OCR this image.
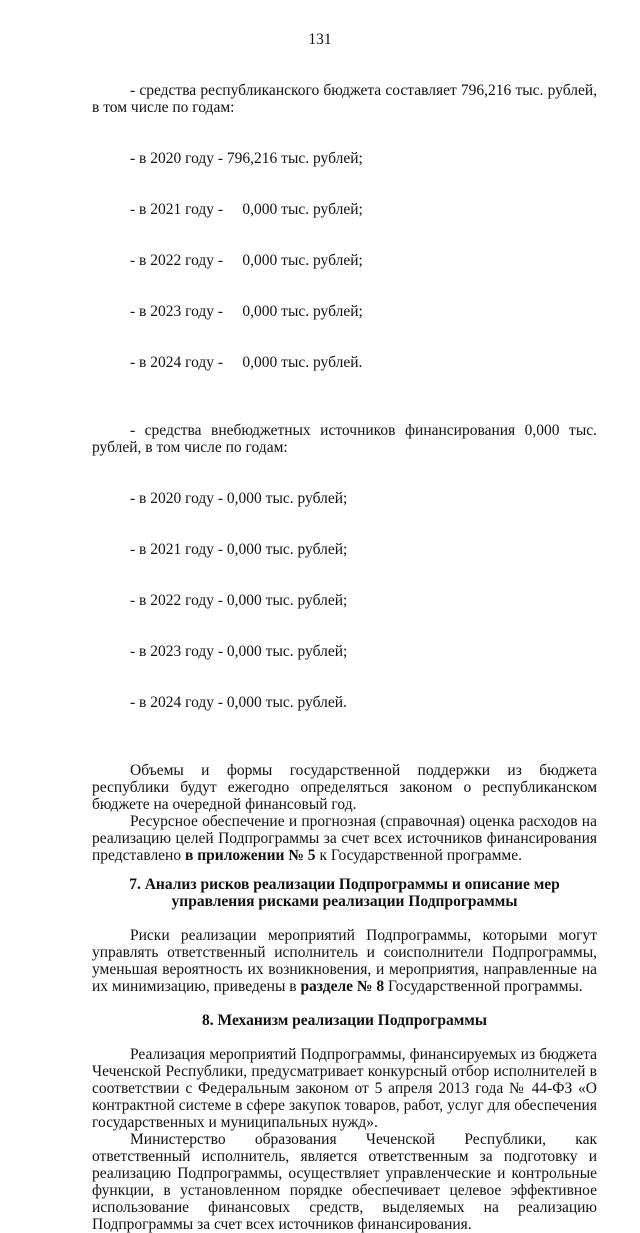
131

- средства республиканского бюджета составляет 796,216 тыс. рублей, в том числе по годам:

- в 2020 году - 796,216 тыс. рублей;

- в 2021 году -     0,000 тыс. рублей;

- в 2022 году -     0,000 тыс. рублей;

- в 2023 году -     0,000 тыс. рублей;

- в 2024 году -     0,000 тыс. рублей.

- средства внебюджетных источников финансирования 0,000 тыс. рублей, в том числе по годам:

- в 2020 году - 0,000 тыс. рублей;

- в 2021 году - 0,000 тыс. рублей;

- в 2022 году - 0,000 тыс. рублей;

- в 2023 году - 0,000 тыс. рублей;

- в 2024 году - 0,000 тыс. рублей.

Объемы и формы государственной поддержки из бюджета республики будут ежегодно определяться законом о республиканском бюджете на очередной финансовый год.

Ресурсное обеспечение и прогнозная (справочная) оценка расходов на реализацию целей Подпрограммы за счет всех источников финансирования представлено в приложении № 5 к Государственной программе.

7. Анализ рисков реализации Подпрограммы и описание мер
управления рисками реализации Подпрограммы

Риски реализации мероприятий Подпрограммы, которыми могут управлять ответственный исполнитель и соисполнители Подпрограммы, уменьшая вероятность их возникновения, и мероприятия, направленные на их минимизацию, приведены в разделе № 8 Государственной программы.

8. Механизм реализации Подпрограммы

Реализация мероприятий Подпрограммы, финансируемых из бюджета Чеченской Республики, предусматривает конкурсный отбор исполнителей в соответствии с Федеральным законом от 5 апреля 2013 года № 44-ФЗ «О контрактной системе в сфере закупок товаров, работ, услуг для обеспечения государственных и муниципальных нужд».

Министерство образования Чеченской Республики, как ответственный исполнитель, является ответственным за подготовку и реализацию Подпрограммы, осуществляет управленческие и контрольные функции, в установленном порядке обеспечивает целевое эффективное использование финансовых средств, выделяемых на реализацию Подпрограммы за счет всех источников финансирования.
